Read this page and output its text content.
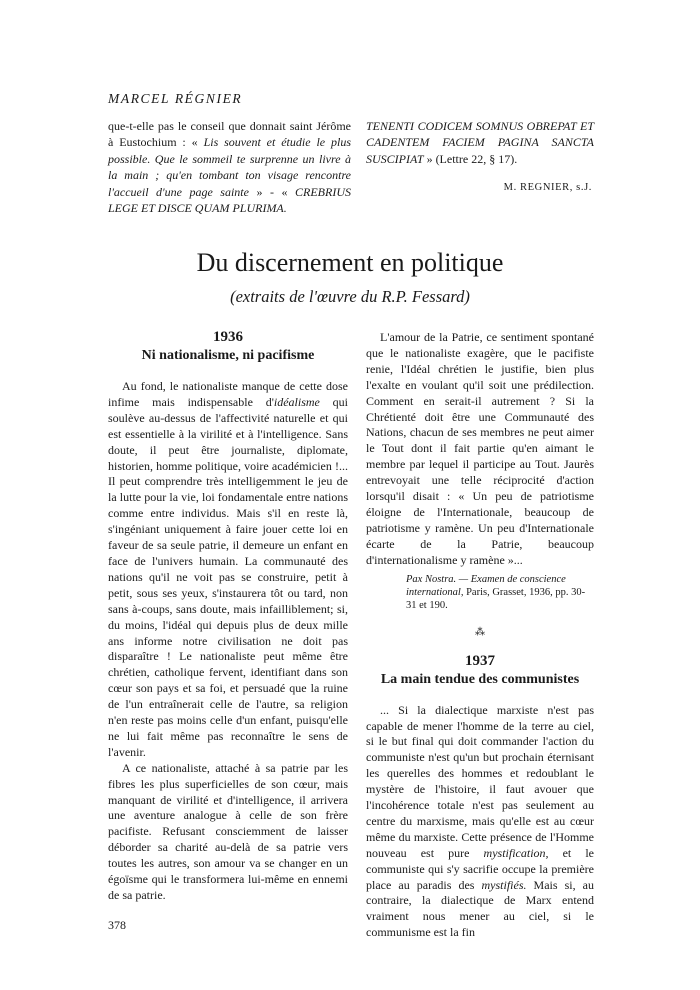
MARCEL RÉGNIER
que-t-elle pas le conseil que donnait saint Jérôme à Eustochium : « Lis souvent et étudie le plus possible. Que le sommeil te surprenne un livre à la main ; qu'en tombant ton visage rencontre l'accueil d'une page sainte » - « CREBRIUS LEGE ET DISCE QUAM PLURIMA.
TENENTI CODICEM SOMNUS OBREPAT ET CADENTEM FACIEM PAGINA SANCTA SUSCIPIAT » (Lettre 22, § 17).
M. REGNIER, s.J.
Du discernement en politique
(extraits de l'œuvre du R.P. Fessard)
1936
Ni nationalisme, ni pacifisme

Au fond, le nationaliste manque de cette dose infime mais indispensable d'idéalisme qui soulève au-dessus de l'affectivité naturelle et qui est essentielle à la virilité et à l'intelligence. Sans doute, il peut être journaliste, diplomate, historien, homme politique, voire académicien !... Il peut comprendre très intelligemment le jeu de la lutte pour la vie, loi fondamentale entre nations comme entre individus. Mais s'il en reste là, s'ingéniant uniquement à faire jouer cette loi en faveur de sa seule patrie, il demeure un enfant en face de l'univers humain. La communauté des nations qu'il ne voit pas se construire, petit à petit, sous ses yeux, s'instaurera tôt ou tard, non sans à-coups, sans doute, mais infailliblement; si, du moins, l'idéal qui depuis plus de deux mille ans informe notre civilisation ne doit pas disparaître ! Le nationaliste peut même être chrétien, catholique fervent, identifiant dans son cœur son pays et sa foi, et persuadé que la ruine de l'un entraînerait celle de l'autre, sa religion n'en reste pas moins celle d'un enfant, puisqu'elle ne lui fait même pas reconnaître le sens de l'avenir.

A ce nationaliste, attaché à sa patrie par les fibres les plus superficielles de son cœur, mais manquant de virilité et d'intelligence, il arrivera une aventure analogue à celle de son frère pacifiste. Refusant consciemment de laisser déborder sa charité au-delà de sa patrie vers toutes les autres, son amour va se changer en un égoïsme qui le transformera lui-même en ennemi de sa patrie.

L'amour de la Patrie, ce sentiment spontané que le nationaliste exagère, que le pacifiste renie, l'Idéal chrétien le justifie, bien plus l'exalte en voulant qu'il soit une prédilection. Comment en serait-il autrement ? Si la Chrétienté doit être une Communauté des Nations, chacun de ses membres ne peut aimer le Tout dont il fait partie qu'en aimant le membre par lequel il participe au Tout. Jaurès entrevoyait une telle réciprocité d'action lorsqu'il disait : « Un peu de patriotisme éloigne de l'Internationale, beaucoup de patriotisme y ramène. Un peu d'Internationale écarte de la Patrie, beaucoup d'internationalisme y ramène »...

Pax Nostra. — Examen de conscience international, Paris, Grasset, 1936, pp. 30-31 et 190.
⁂
1937
La main tendue des communistes

... Si la dialectique marxiste n'est pas capable de mener l'homme de la terre au ciel, si le but final qui doit commander l'action du communiste n'est qu'un but prochain éternisant les querelles des hommes et redoublant le mystère de l'histoire, il faut avouer que l'incohérence totale n'est pas seulement au centre du marxisme, mais qu'elle est au cœur même du marxiste. Cette présence de l'Homme nouveau est pure mystification, et le communiste qui s'y sacrifie occupe la première place au paradis des mystifiés. Mais si, au contraire, la dialectique de Marx entend vraiment nous mener au ciel, si le communisme est la fin

378
